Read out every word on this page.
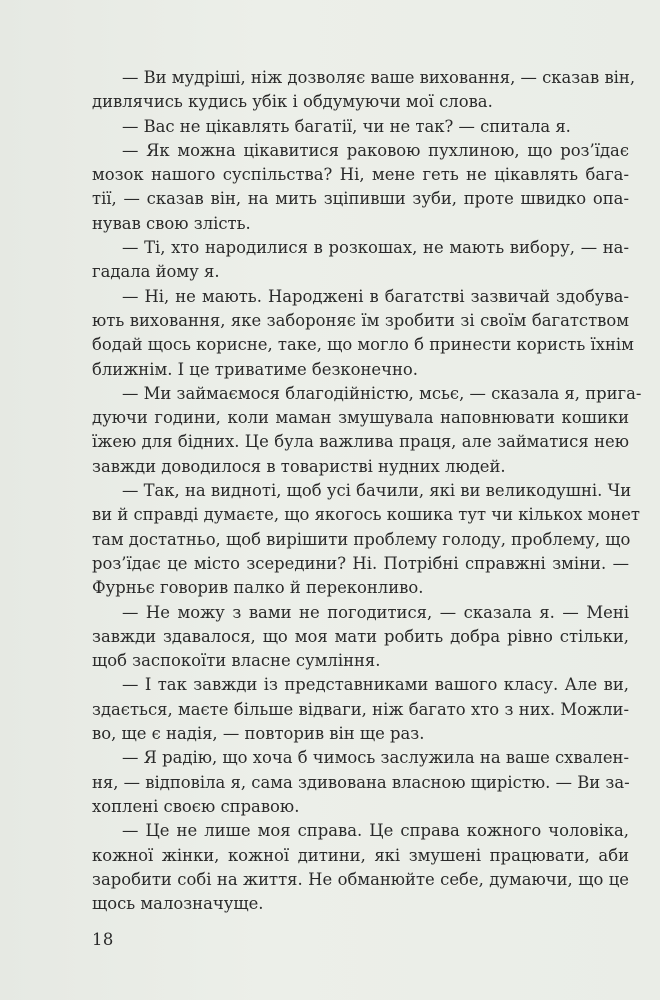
— Ви мудріші, ніж дозволяє ваше виховання, — сказав він,
дивлячись кудись убік і обдумуючи мої слова.
— Вас не цікавлять багатії, чи не так? — спитала я.
— Як можна цікавитися раковою пухлиною, що роз’їдає
мозок нашого суспільства? Ні, мене геть не цікавлять бага-
тії, — сказав він, на мить зціпивши зуби, проте швидко опа-
нував свою злість.
— Ті, хто народилися в розкошах, не мають вибору, — на-
гадала йому я.
— Ні, не мають. Народжені в багатстві зазвичай здобува-
ють виховання, яке забороняє їм зробити зі своїм багатством
бодай щось корисне, таке, що могло б принести користь їхнім
ближнім. І це триватиме безконечно.
— Ми займаємося благодійністю, мсьє, — сказала я, прига-
дуючи години, коли маман змушувала наповнювати кошики
їжею для бідних. Це була важлива праця, але займатися нею
завжди доводилося в товаристві нудних людей.
— Так, на видноті, щоб усі бачили, які ви великодушні. Чи
ви й справді думаєте, що якогось кошика тут чи кількох монет
там достатньо, щоб вирішити проблему голоду, проблему, що
роз’їдає це місто зсередини? Ні. Потрібні справжні зміни. —
Фурньє говорив палко й переконливо.
— Не можу з вами не погодитися, — сказала я. — Мені
завжди здавалося, що моя мати робить добра рівно стільки,
щоб заспокоїти власне сумління.
— І так завжди із представниками вашого класу. Але ви,
здається, маєте більше відваги, ніж багато хто з них. Можли-
во, ще є надія, — повторив він ще раз.
— Я радію, що хоча б чимось заслужила на ваше схвален-
ня, — відповіла я, сама здивована власною щирістю. — Ви за-
хоплені своєю справою.
— Це не лише моя справа. Це справа кожного чоловіка,
кожної жінки, кожної дитини, які змушені працювати, аби
заробити собі на життя. Не обманюйте себе, думаючи, що це
щось малозначуще.
18
